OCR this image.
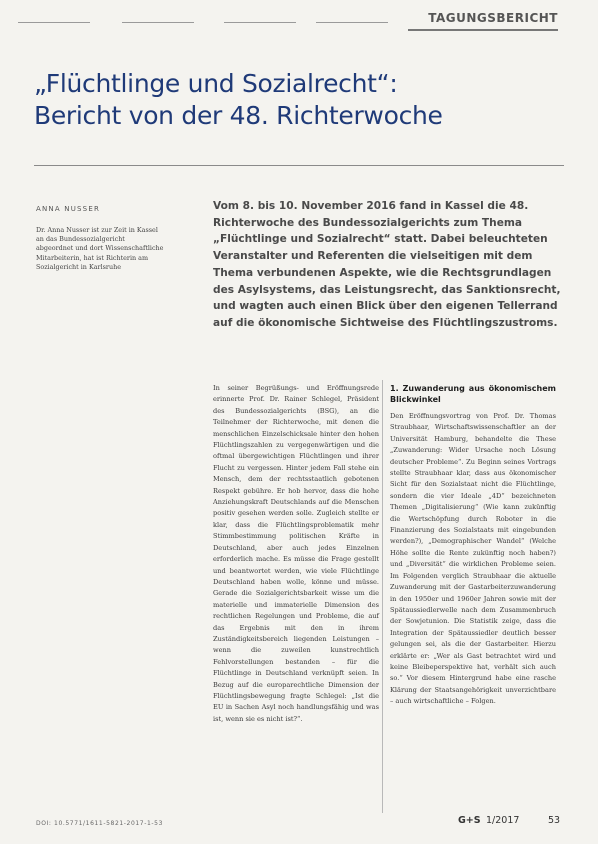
TAGUNGSBERICHT
„Flüchtlinge und Sozialrecht“:
Bericht von der 48. Richterwoche
ANNA NUSSER
Dr. Anna Nusser ist zur Zeit in Kassel an das Bundessozialgericht abgeordnet und dort Wissenschaftliche Mitarbeiterin, hat ist Richterin am Sozialgericht in Karlsruhe
Vom 8. bis 10. November 2016 fand in Kassel die 48. Richterwoche des Bundessozialgerichts zum Thema „Flüchtlinge und Sozialrecht“ statt. Dabei beleuchteten Veranstalter und Referenten die vielseitigen mit dem Thema verbundenen Aspekte, wie die Rechtsgrundlagen des Asylsystems, das Leistungsrecht, das Sanktionsrecht, und wagten auch einen Blick über den eigenen Tellerrand auf die ökonomische Sichtweise des Flüchtlingszustroms.

In seiner Begrüßungs- und Eröffnungsrede erinnerte Prof. Dr. Rainer Schlegel, Präsident des Bundessozialgerichts (BSG), an die Teilnehmer der Richterwoche, mit denen die menschlichen Einzelschicksale hinter den hohen Flüchtlingszahlen zu vergegenwärtigen und die oftmal übergewichtigen Flüchtlingen und ihrer Flucht zu vergessen. Hinter jedem Fall stehe ein Mensch, dem der rechtsstaatlich gebotenen Respekt gebühre. Er hob hervor, dass die hohe Anziehungskraft Deutschlands auf die Menschen positiv gesehen werden solle. Zugleich stellte er klar, dass die Flüchtlingsproblematik mehr Stimmbestimmung politischen Kräfte in Deutschland, aber auch jedes Einzelnen erforderlich mache. Es müsse die Frage gestellt und beantwortet werden, wie viele Flüchtlinge Deutschland haben wolle, könne und müsse. Gerade die Sozialgerichtsbarkeit wisse um die materielle und immaterielle Dimension des rechtlichen Regelungen und Probleme, die auf das Ergebnis mit den in ihrem Zuständigkeitsbereich liegenden Leistungen – wenn die zuweilen kunstrechtlich Fehlvorstellungen bestanden – für die Flüchtlinge in Deutschland verknüpft seien. In Bezug auf die europarechtliche Dimension der Flüchtlingsbewegung fragte Schlegel: „Ist die EU in Sachen Asyl noch handlungsfähig und was ist, wenn sie es nicht ist?“.

1. Zuwanderung aus ökonomischem Blickwinkel

Den Eröffnungsvortrag von Prof. Dr. Thomas Straubhaar, Wirtschaftswissenschaftler an der Universität Hamburg, behandelte die These „Zuwanderung: Wider Ursache noch Lösung deutscher Probleme“. Zu Beginn seines Vortrags stellte Straubhaar klar, dass aus ökonomischer Sicht für den Sozialstaat nicht die Flüchtlinge, sondern die vier Ideale „4D“ bezeichneten Themen „Digitalisierung“ (Wie kann zukünftig die Wertschöpfung durch Roboter in die Finanzierung des Sozialstaats mit eingebunden werden?), „Demographischer Wandel“ (Welche Höhe sollte die Rente zukünftig noch haben?) und „Diversität“ die wirklichen Probleme seien. Im Folgenden verglich Straubhaar die aktuelle Zuwanderung mit der Gastarbeiterzuwanderung in den 1950er und 1960er Jahren sowie mit der Spätaussiedlerwelle nach dem Zusammenbruch der Sowjetunion. Die Statistik zeige, dass die Integration der Spätaussiedler deutlich besser gelungen sei, als die der Gastarbeiter. Hierzu erklärte er: „Wer als Gast betrachtet wird und keine Bleibeperspektive hat, verhält sich auch so.“ Vor diesem Hintergrund habe eine rasche Klärung der Staatsangehörigkeit unverzichtbare – auch wirtschaftliche – Folgen.

DOI: 10.5771/1611-5821-2017-1-53	G+S 1/2017	53
